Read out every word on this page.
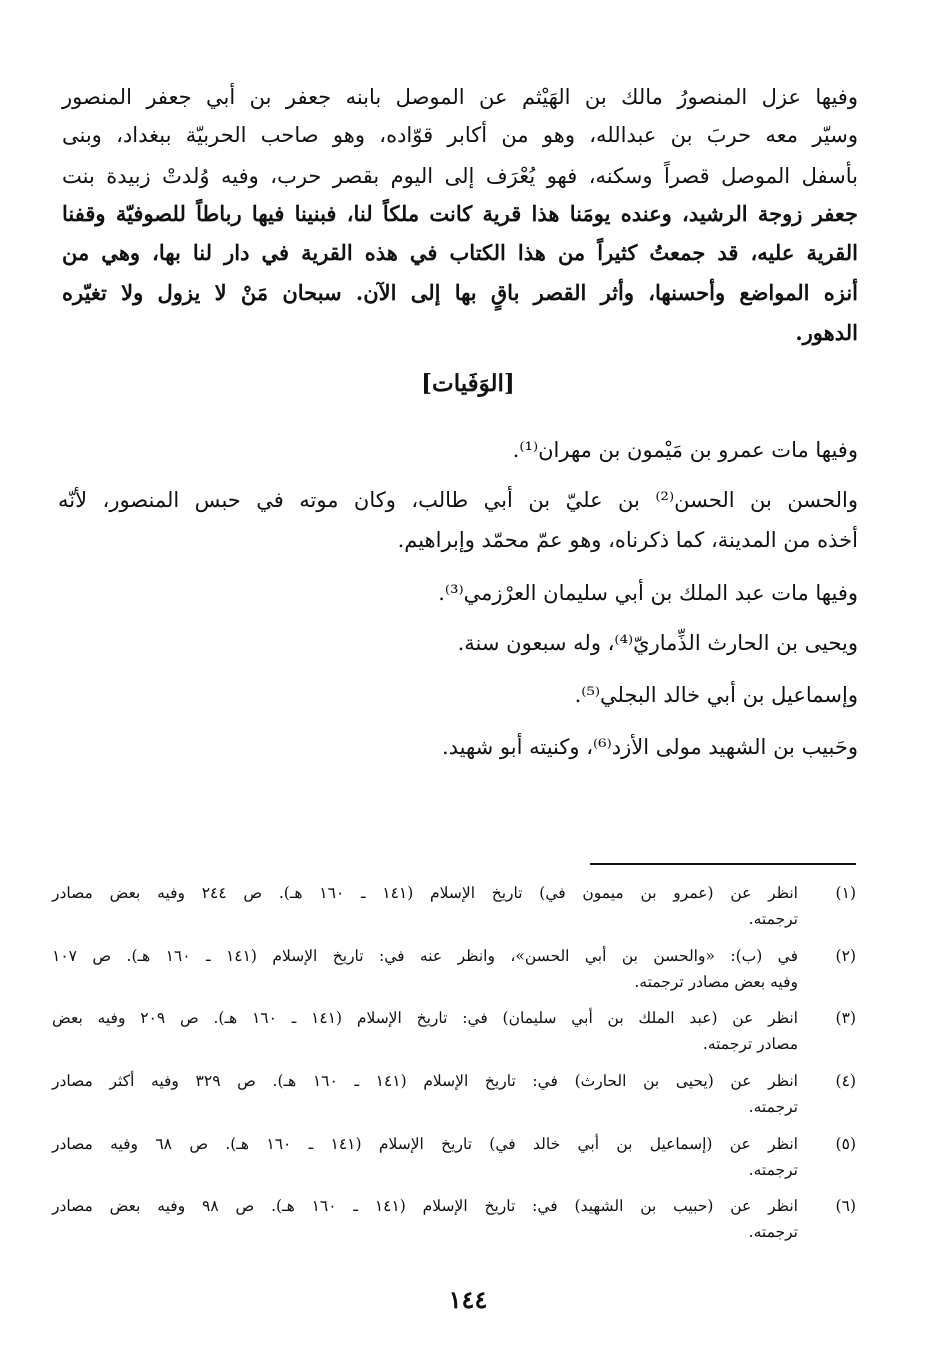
وفيها عزل المنصورُ مالك بن الهَيْثم عن الموصل بابنه جعفر بن أبي جعفر المنصور
وسيّر معه حربَ بن عبدالله، وهو من أكابر قوّاده، وهو صاحب الحربيّة ببغداد، وبنى
بأسفل الموصل قصراً وسكنه، فهو يُعْرَف إلى اليوم بقصر حرب، وفيه وُلدتْ زبيدة بنت
جعفر زوجة الرشيد، وعنده يومَنا هذا قرية كانت ملكاً لنا، فبنينا فيها رباطاً للصوفيّة وقفنا
القرية عليه، قد جمعتُ كثيراً من هذا الكتاب في هذه القرية في دار لنا بها، وهي من
أنزه المواضع وأحسنها، وأثر القصر باقٍ بها إلى الآن. سبحان مَنْ لا يزول ولا تغيّره
الدهور.
[الوَفَيات]
وفيها مات عمرو بن مَيْمون بن مهران⁽¹⁾.
والحسن بن الحسن⁽²⁾ بن عليّ بن أبي طالب، وكان موته في حبس المنصور، لأنّه
أخذه من المدينة، كما ذكرناه، وهو عمّ محمّد وإبراهيم.
وفيها مات عبد الملك بن أبي سليمان العرْزمي⁽³⁾.
ويحيى بن الحارث الذِّماريّ⁽⁴⁾، وله سبعون سنة.
وإسماعيل بن أبي خالد البجلي⁽⁵⁾.
وحَبيب بن الشهيد مولى الأزد⁽⁶⁾، وكنيته أبو شهيد.
(١)
انظر عن (عمرو بن ميمون في) تاريخ الإسلام (١٤١ ـ ١٦٠ هـ). ص ٢٤٤ وفيه بعض مصادر
ترجمته.
(٢)
في (ب): «والحسن بن أبي الحسن»، وانظر عنه في: تاريخ الإسلام (١٤١ ـ ١٦٠ هـ). ص ١٠٧
وفيه بعض مصادر ترجمته.
(٣)
انظر عن (عبد الملك بن أبي سليمان) في: تاريخ الإسلام (١٤١ ـ ١٦٠ هـ). ص ٢٠٩ وفيه بعض
مصادر ترجمته.
(٤)
انظر عن (يحيى بن الحارث) في: تاريخ الإسلام (١٤١ ـ ١٦٠ هـ). ص ٣٢٩ وفيه أكثر مصادر
ترجمته.
(٥)
انظر عن (إسماعيل بن أبي خالد في) تاريخ الإسلام (١٤١ ـ ١٦٠ هـ). ص ٦٨ وفيه مصادر
ترجمته.
(٦)
انظر عن (حبيب بن الشهيد) في: تاريخ الإسلام (١٤١ ـ ١٦٠ هـ). ص ٩٨ وفيه بعض مصادر
ترجمته.
١٤٤
